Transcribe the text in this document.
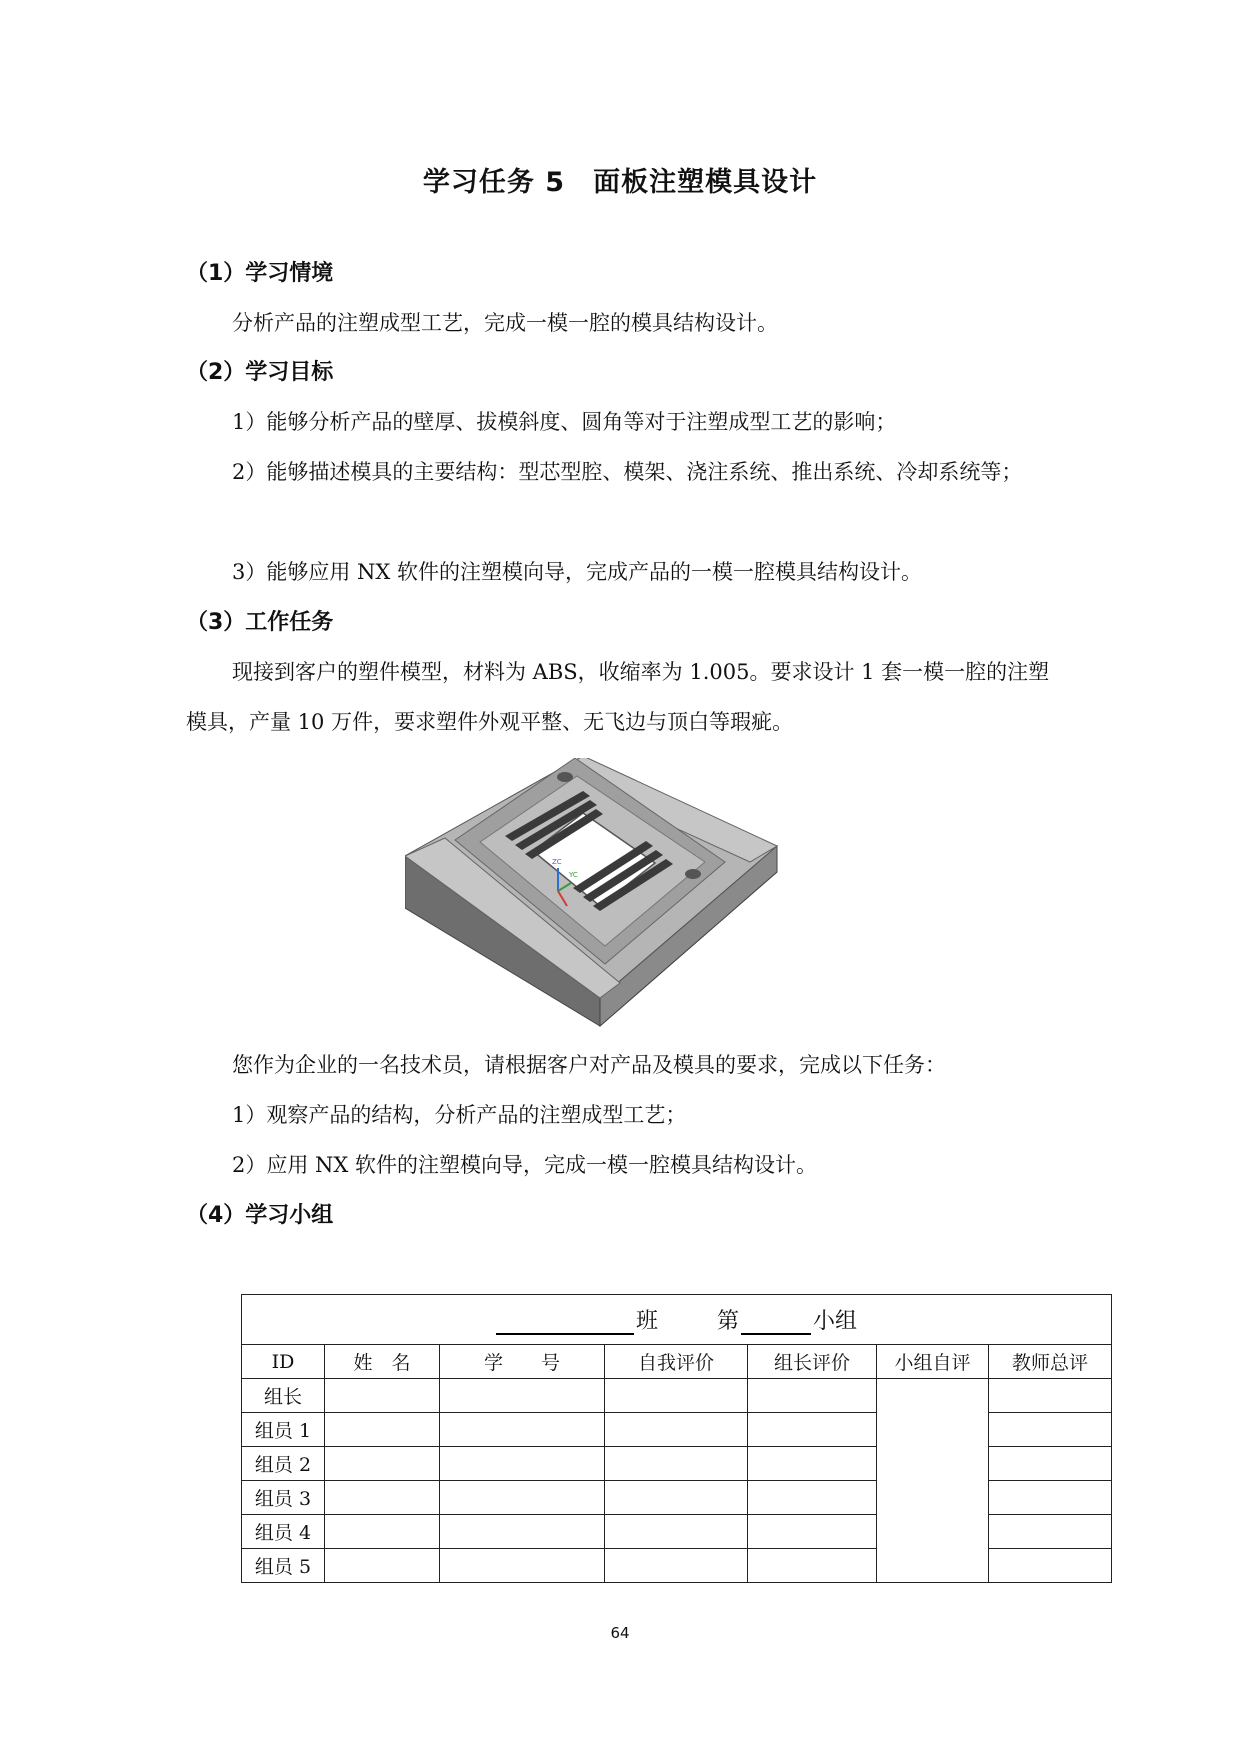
学习任务 5　面板注塑模具设计
（1）学习情境
分析产品的注塑成型工艺，完成一模一腔的模具结构设计。
（2）学习目标
1）能够分析产品的壁厚、拔模斜度、圆角等对于注塑成型工艺的影响；
2）能够描述模具的主要结构：型芯型腔、模架、浇注系统、推出系统、冷却系统等；
3）能够应用 NX 软件的注塑模向导，完成产品的一模一腔模具结构设计。
（3）工作任务
现接到客户的塑件模型，材料为 ABS，收缩率为 1.005。要求设计 1 套一模一腔的注塑模具，产量 10 万件，要求塑件外观平整、无飞边与顶白等瑕疵。
ZC
YC
您作为企业的一名技术员，请根据客户对产品及模具的要求，完成以下任务：
1）观察产品的结构，分析产品的注塑成型工艺；
2）应用 NX 软件的注塑模向导，完成一模一腔模具结构设计。
（4）学习小组
班 第 小组						
ID	姓　名	学　　号	自我评价	组长评价	小组自评	教师总评
组长						
组员 1						
组员 2						
组员 3						
组员 4						
组员 5						
64
